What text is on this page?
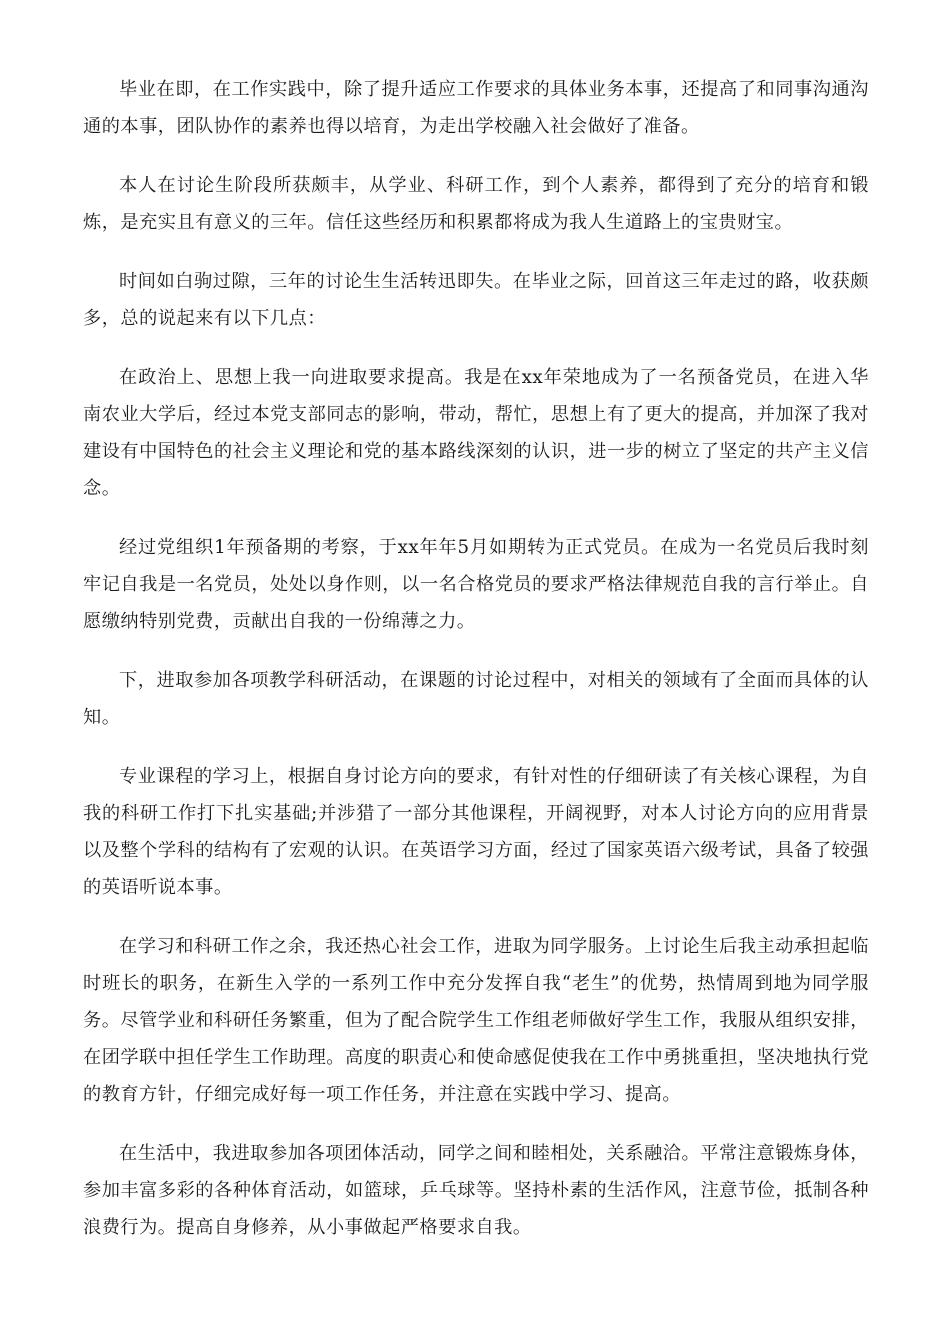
毕业在即，在工作实践中，除了提升适应工作要求的具体业务本事，还提高了和同事沟通沟通的本事，团队协作的素养也得以培育，为走出学校融入社会做好了准备。

本人在讨论生阶段所获颇丰，从学业、科研工作，到个人素养，都得到了充分的培育和锻炼，是充实且有意义的三年。信任这些经历和积累都将成为我人生道路上的宝贵财宝。

时间如白驹过隙，三年的讨论生生活转迅即失。在毕业之际，回首这三年走过的路，收获颇多，总的说起来有以下几点：

在政治上、思想上我一向进取要求提高。我是在xx年荣地成为了一名预备党员，在进入华南农业大学后，经过本党支部同志的影响，带动，帮忙，思想上有了更大的提高，并加深了我对建设有中国特色的社会主义理论和党的基本路线深刻的认识，进一步的树立了坚定的共产主义信念。

经过党组织1年预备期的考察，于xx年年5月如期转为正式党员。在成为一名党员后我时刻牢记自我是一名党员，处处以身作则，以一名合格党员的要求严格法律规范自我的言行举止。自愿缴纳特别党费，贡献出自我的一份绵薄之力。

下，进取参加各项教学科研活动，在课题的讨论过程中，对相关的领域有了全面而具体的认知。

专业课程的学习上，根据自身讨论方向的要求，有针对性的仔细研读了有关核心课程，为自我的科研工作打下扎实基础;并涉猎了一部分其他课程，开阔视野，对本人讨论方向的应用背景以及整个学科的结构有了宏观的认识。在英语学习方面，经过了国家英语六级考试，具备了较强的英语听说本事。

在学习和科研工作之余，我还热心社会工作，进取为同学服务。上讨论生后我主动承担起临时班长的职务，在新生入学的一系列工作中充分发挥自我“老生”的优势，热情周到地为同学服务。尽管学业和科研任务繁重，但为了配合院学生工作组老师做好学生工作，我服从组织安排，在团学联中担任学生工作助理。高度的职责心和使命感促使我在工作中勇挑重担，坚决地执行党的教育方针，仔细完成好每一项工作任务，并注意在实践中学习、提高。

在生活中，我进取参加各项团体活动，同学之间和睦相处，关系融洽。平常注意锻炼身体，参加丰富多彩的各种体育活动，如篮球，乒乓球等。坚持朴素的生活作风，注意节俭，抵制各种浪费行为。提高自身修养，从小事做起严格要求自我。
